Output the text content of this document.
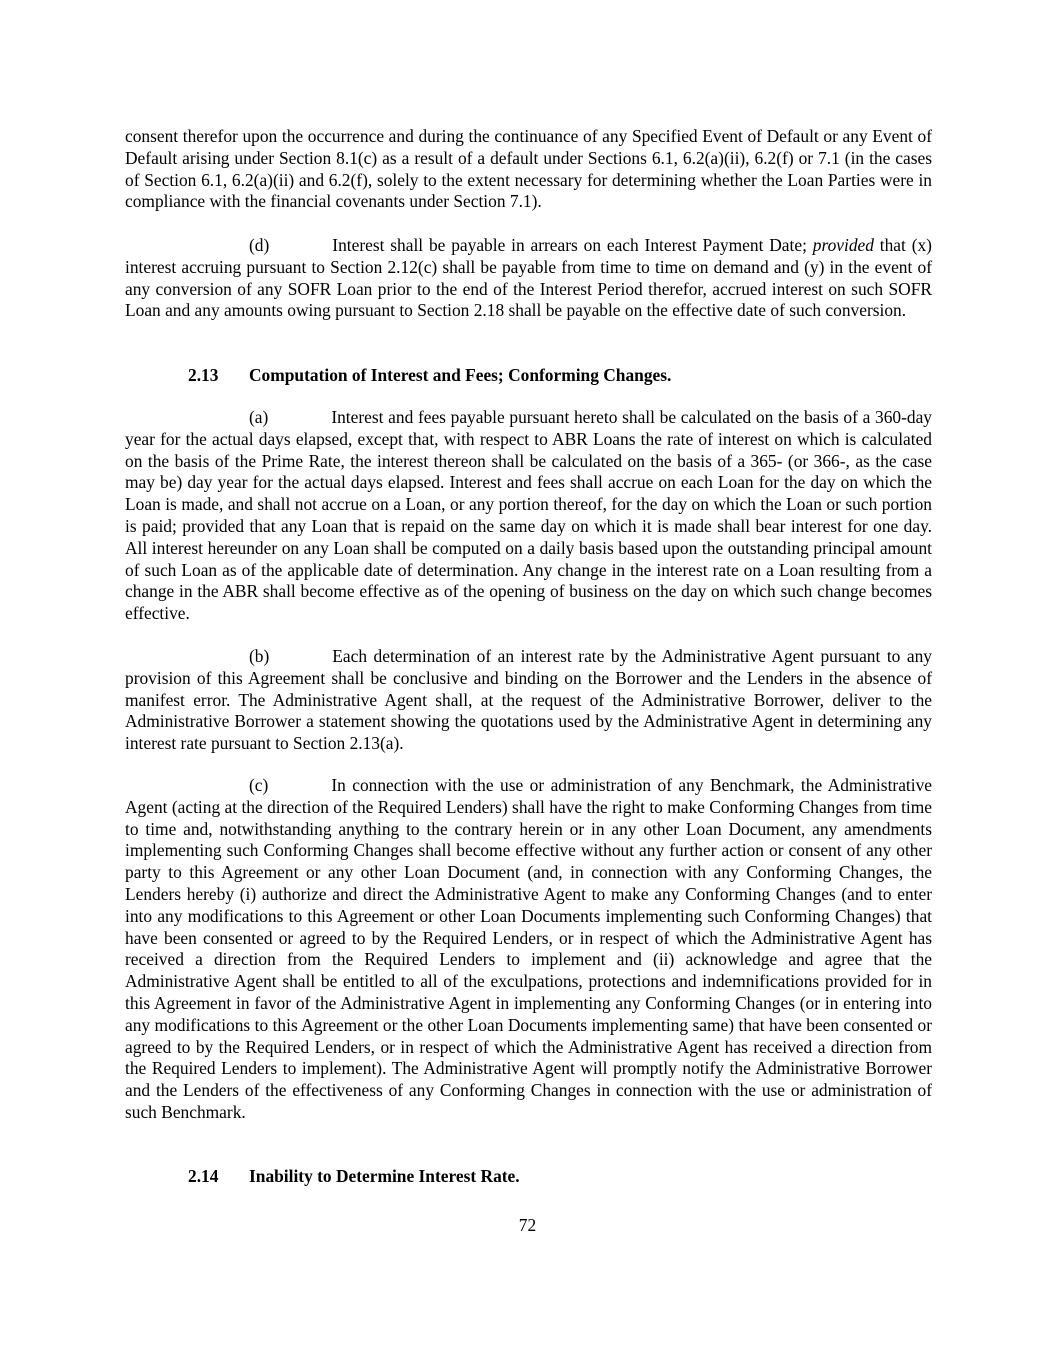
consent therefor upon the occurrence and during the continuance of any Specified Event of Default or any Event of Default arising under Section 8.1(c) as a result of a default under Sections 6.1, 6.2(a)(ii), 6.2(f) or 7.1 (in the cases of Section 6.1, 6.2(a)(ii) and 6.2(f), solely to the extent necessary for determining whether the Loan Parties were in compliance with the financial covenants under Section 7.1).

(d)	Interest shall be payable in arrears on each Interest Payment Date; provided that (x) interest accruing pursuant to Section 2.12(c) shall be payable from time to time on demand and (y) in the event of any conversion of any SOFR Loan prior to the end of the Interest Period therefor, accrued interest on such SOFR Loan and any amounts owing pursuant to Section 2.18 shall be payable on the effective date of such conversion.

2.13 Computation of Interest and Fees; Conforming Changes.

(a)	Interest and fees payable pursuant hereto shall be calculated on the basis of a 360-day year for the actual days elapsed, except that, with respect to ABR Loans the rate of interest on which is calculated on the basis of the Prime Rate, the interest thereon shall be calculated on the basis of a 365- (or 366-, as the case may be) day year for the actual days elapsed. Interest and fees shall accrue on each Loan for the day on which the Loan is made, and shall not accrue on a Loan, or any portion thereof, for the day on which the Loan or such portion is paid; provided that any Loan that is repaid on the same day on which it is made shall bear interest for one day. All interest hereunder on any Loan shall be computed on a daily basis based upon the outstanding principal amount of such Loan as of the applicable date of determination. Any change in the interest rate on a Loan resulting from a change in the ABR shall become effective as of the opening of business on the day on which such change becomes effective.

(b)	Each determination of an interest rate by the Administrative Agent pursuant to any provision of this Agreement shall be conclusive and binding on the Borrower and the Lenders in the absence of manifest error. The Administrative Agent shall, at the request of the Administrative Borrower, deliver to the Administrative Borrower a statement showing the quotations used by the Administrative Agent in determining any interest rate pursuant to Section 2.13(a).

(c)	In connection with the use or administration of any Benchmark, the Administrative Agent (acting at the direction of the Required Lenders) shall have the right to make Conforming Changes from time to time and, notwithstanding anything to the contrary herein or in any other Loan Document, any amendments implementing such Conforming Changes shall become effective without any further action or consent of any other party to this Agreement or any other Loan Document (and, in connection with any Conforming Changes, the Lenders hereby (i) authorize and direct the Administrative Agent to make any Conforming Changes (and to enter into any modifications to this Agreement or other Loan Documents implementing such Conforming Changes) that have been consented or agreed to by the Required Lenders, or in respect of which the Administrative Agent has received a direction from the Required Lenders to implement and (ii) acknowledge and agree that the Administrative Agent shall be entitled to all of the exculpations, protections and indemnifications provided for in this Agreement in favor of the Administrative Agent in implementing any Conforming Changes (or in entering into any modifications to this Agreement or the other Loan Documents implementing same) that have been consented or agreed to by the Required Lenders, or in respect of which the Administrative Agent has received a direction from the Required Lenders to implement). The Administrative Agent will promptly notify the Administrative Borrower and the Lenders of the effectiveness of any Conforming Changes in connection with the use or administration of such Benchmark.

2.14 Inability to Determine Interest Rate.

72
